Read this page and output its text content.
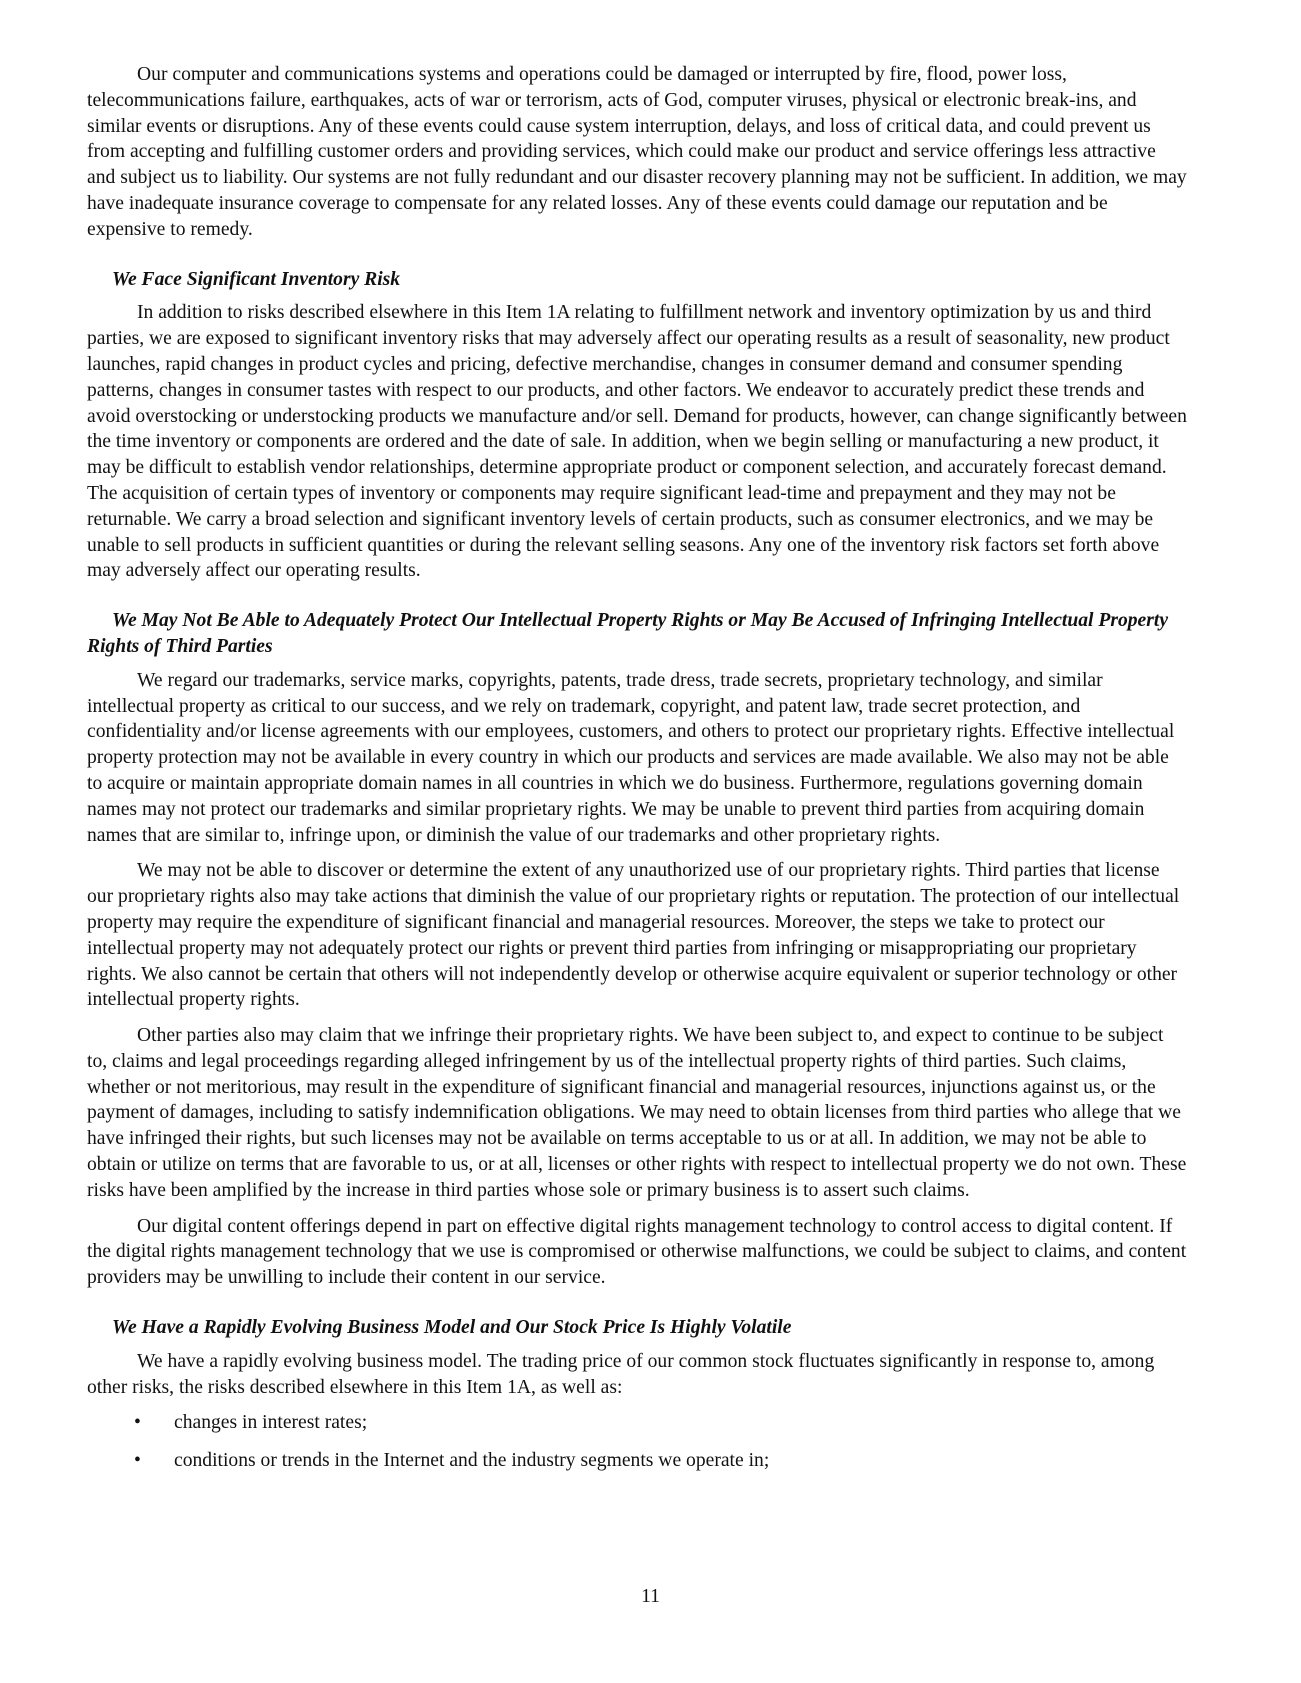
Our computer and communications systems and operations could be damaged or interrupted by fire, flood, power loss, telecommunications failure, earthquakes, acts of war or terrorism, acts of God, computer viruses, physical or electronic break-ins, and similar events or disruptions. Any of these events could cause system interruption, delays, and loss of critical data, and could prevent us from accepting and fulfilling customer orders and providing services, which could make our product and service offerings less attractive and subject us to liability. Our systems are not fully redundant and our disaster recovery planning may not be sufficient. In addition, we may have inadequate insurance coverage to compensate for any related losses. Any of these events could damage our reputation and be expensive to remedy.

We Face Significant Inventory Risk

In addition to risks described elsewhere in this Item 1A relating to fulfillment network and inventory optimization by us and third parties, we are exposed to significant inventory risks that may adversely affect our operating results as a result of seasonality, new product launches, rapid changes in product cycles and pricing, defective merchandise, changes in consumer demand and consumer spending patterns, changes in consumer tastes with respect to our products, and other factors. We endeavor to accurately predict these trends and avoid overstocking or understocking products we manufacture and/or sell. Demand for products, however, can change significantly between the time inventory or components are ordered and the date of sale. In addition, when we begin selling or manufacturing a new product, it may be difficult to establish vendor relationships, determine appropriate product or component selection, and accurately forecast demand. The acquisition of certain types of inventory or components may require significant lead-time and prepayment and they may not be returnable. We carry a broad selection and significant inventory levels of certain products, such as consumer electronics, and we may be unable to sell products in sufficient quantities or during the relevant selling seasons. Any one of the inventory risk factors set forth above may adversely affect our operating results.

We May Not Be Able to Adequately Protect Our Intellectual Property Rights or May Be Accused of Infringing Intellectual Property Rights of Third Parties

We regard our trademarks, service marks, copyrights, patents, trade dress, trade secrets, proprietary technology, and similar intellectual property as critical to our success, and we rely on trademark, copyright, and patent law, trade secret protection, and confidentiality and/or license agreements with our employees, customers, and others to protect our proprietary rights. Effective intellectual property protection may not be available in every country in which our products and services are made available. We also may not be able to acquire or maintain appropriate domain names in all countries in which we do business. Furthermore, regulations governing domain names may not protect our trademarks and similar proprietary rights. We may be unable to prevent third parties from acquiring domain names that are similar to, infringe upon, or diminish the value of our trademarks and other proprietary rights.

We may not be able to discover or determine the extent of any unauthorized use of our proprietary rights. Third parties that license our proprietary rights also may take actions that diminish the value of our proprietary rights or reputation. The protection of our intellectual property may require the expenditure of significant financial and managerial resources. Moreover, the steps we take to protect our intellectual property may not adequately protect our rights or prevent third parties from infringing or misappropriating our proprietary rights. We also cannot be certain that others will not independently develop or otherwise acquire equivalent or superior technology or other intellectual property rights.

Other parties also may claim that we infringe their proprietary rights. We have been subject to, and expect to continue to be subject to, claims and legal proceedings regarding alleged infringement by us of the intellectual property rights of third parties. Such claims, whether or not meritorious, may result in the expenditure of significant financial and managerial resources, injunctions against us, or the payment of damages, including to satisfy indemnification obligations. We may need to obtain licenses from third parties who allege that we have infringed their rights, but such licenses may not be available on terms acceptable to us or at all. In addition, we may not be able to obtain or utilize on terms that are favorable to us, or at all, licenses or other rights with respect to intellectual property we do not own. These risks have been amplified by the increase in third parties whose sole or primary business is to assert such claims.

Our digital content offerings depend in part on effective digital rights management technology to control access to digital content. If the digital rights management technology that we use is compromised or otherwise malfunctions, we could be subject to claims, and content providers may be unwilling to include their content in our service.

We Have a Rapidly Evolving Business Model and Our Stock Price Is Highly Volatile

We have a rapidly evolving business model. The trading price of our common stock fluctuates significantly in response to, among other risks, the risks described elsewhere in this Item 1A, as well as:

•	changes in interest rates;
•	conditions or trends in the Internet and the industry segments we operate in;
11
